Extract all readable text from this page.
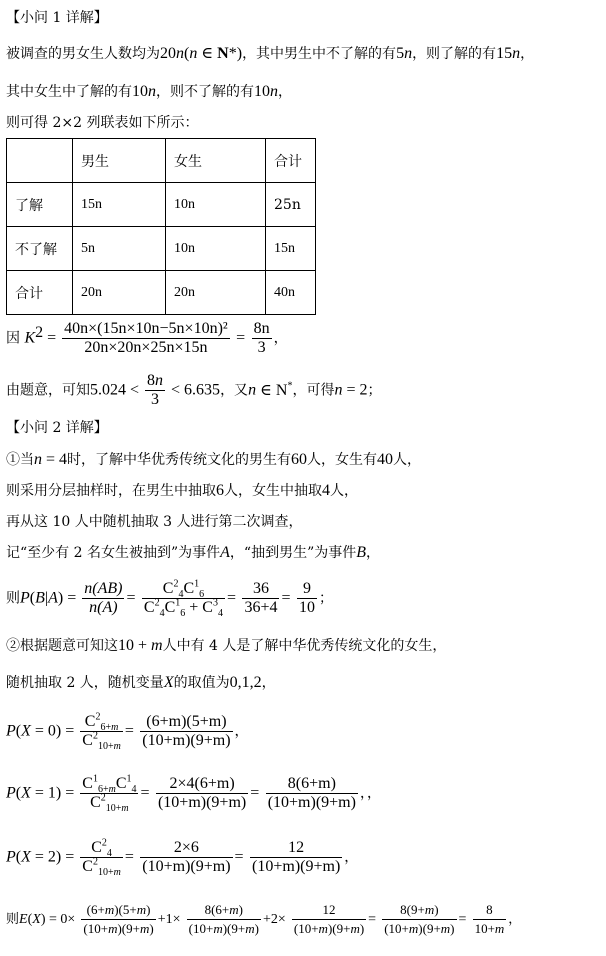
【小问 1 详解】
被调查的男女生人数均为20n(n ∈ N*)，其中男生中不了解的有5n，则了解的有15n，
其中女生中了解的有10n，则不了解的有10n，
则可得 2×2 列联表如下所示：
	男生	女生	合计
了解	15n	10n	25n
不了解	5n	10n	15n
合计	20n	20n	40n
因 $K^2 = \frac{\text{40n×(15n×10n−5n×10n)²}}{20n\times 20n\times 25n\times 15n} = \frac{8n}{3}$ ，
由题意，可知$5.024 < \frac{8n}{3} < 6.635$，又n ∈ N*，可得n = 2；
【小问 2 详解】
①当n = 4时，了解中华优秀传统文化的男生有60人，女生有40人，
则采用分层抽样时，在男生中抽取6人，女生中抽取4人，
再从这 10 人中随机抽取 3 人进行第二次调查，
记“至少有 2 名女生被抽到”为事件A，“抽到男生”为事件B，
则$P(B|A) = \frac{n(AB)}{n(A)} = \frac{C^2_4C^1_6}{C^2_4C^1_6 + C^3_4} = \frac{36}{36+4} = \frac{9}{10}$ ；
②根据题意可知这10 + m人中有 4 人是了解中华优秀传统文化的女生，
随机抽取 2 人，随机变量X的取值为0,1,2，
$P(X = 0) = \frac{C^2_{6+m}}{C^2_{10+m}} = \frac{(6+m)(5+m)}{(10+m)(9+m)}$ ，
$P(X = 1) = \frac{C^1_{6+m}C^1_4}{C^2_{10+m}} = \frac{2\times 4(6+m)}{(10+m)(9+m)} = \frac{8(6+m)}{(10+m)(9+m)}$ ，，
$P(X = 2) = \frac{C^2_4}{C^2_{10+m}} = \frac{2\times 6}{(10+m)(9+m)} = \frac{12}{(10+m)(9+m)}$ ，
则$E(X) = 0\times \frac{(6+m)(5+m)}{(10+m)(9+m)} +1\times \frac{8(6+m)}{(10+m)(9+m)} +2\times \frac{12}{(10+m)(9+m)} = \frac{8(9+m)}{(10+m)(9+m)} = \frac{8}{10+m}$ ，
